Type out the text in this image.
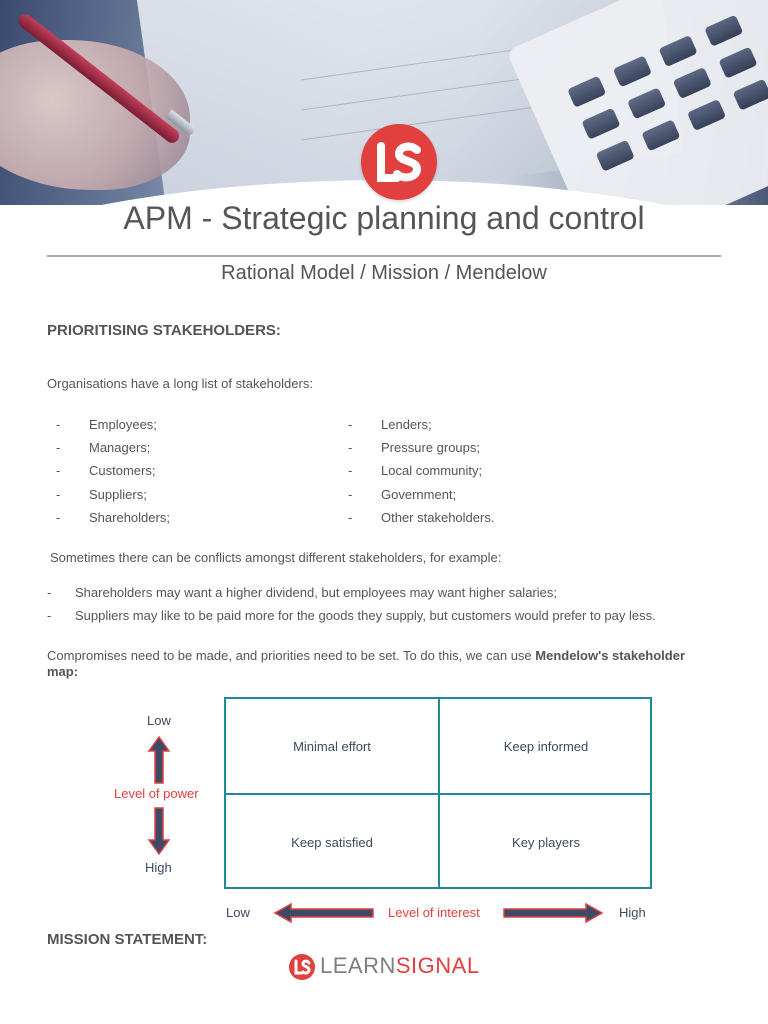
APM - Strategic planning and control
Rational Model / Mission / Mendelow
PRIORITISING STAKEHOLDERS:
Organisations have a long list of stakeholders:
- Employees;
- Managers;
- Customers;
- Suppliers;
- Shareholders;
- Lenders;
- Pressure groups;
- Local community;
- Government;
- Other stakeholders.
Sometimes there can be conflicts amongst different stakeholders, for example:
- Shareholders may want a higher dividend, but employees may want higher salaries;
- Suppliers may like to be paid more for the goods they supply, but customers would prefer to pay less.
Compromises need to be made, and priorities need to be set. To do this, we can use Mendelow's stakeholder
map:
Minimal effort	Keep informed
Keep satisfied	Key players
Low
Level of power
High
Low	Level of interest	High
MISSION STATEMENT:
LEARNSIGNAL
